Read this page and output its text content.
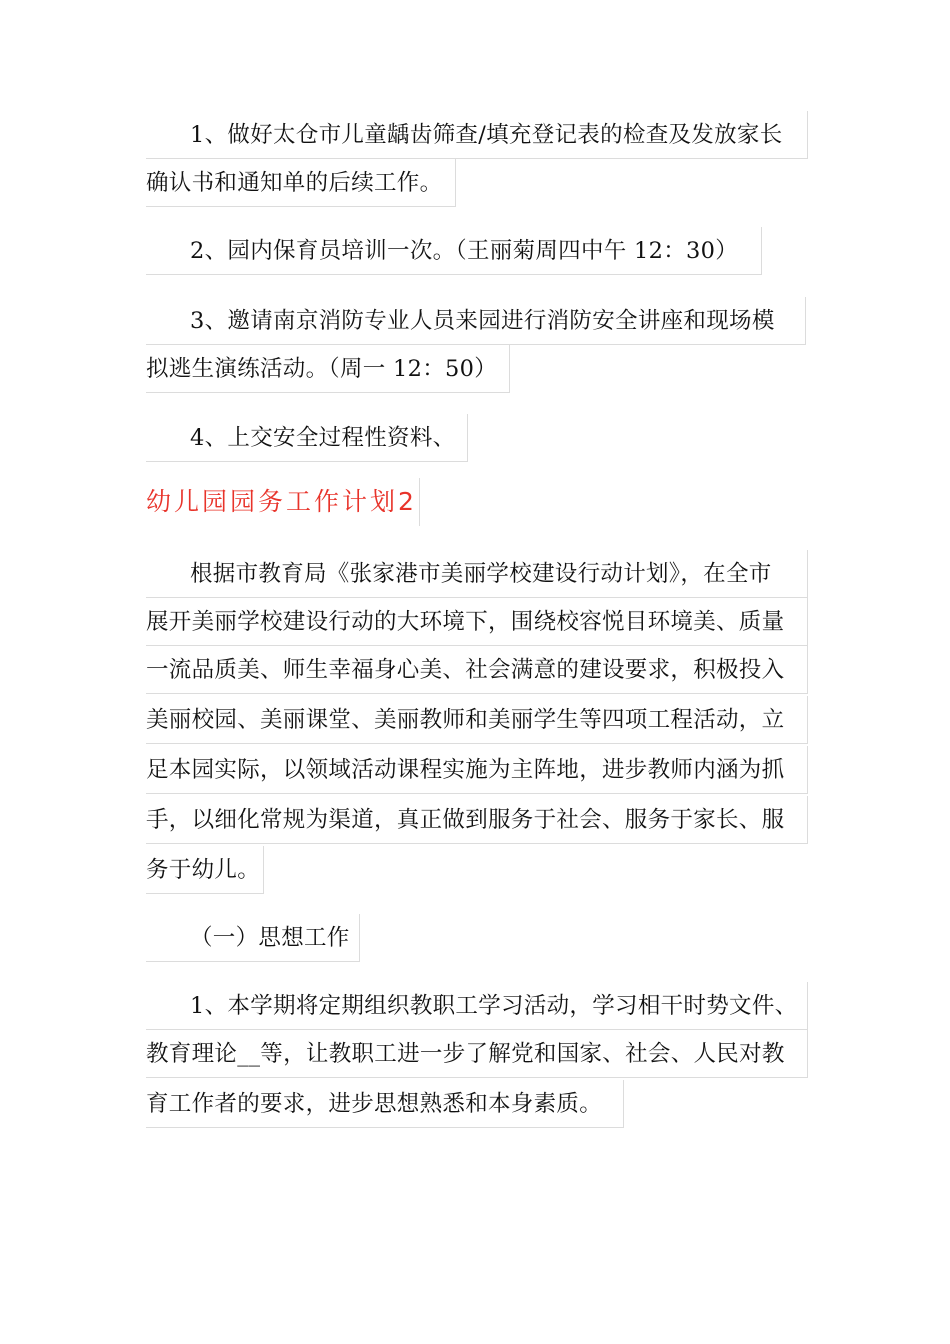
1、做好太仓市儿童龋齿筛查/填充登记表的检查及发放家长
确认书和通知单的后续工作。
2、园内保育员培训一次。（王丽菊周四中午 12：30）
3、邀请南京消防专业人员来园进行消防安全讲座和现场模
拟逃生演练活动。（周一 12：50）
4、上交安全过程性资料、
幼儿园园务工作计划2
根据市教育局《张家港市美丽学校建设行动计划》，在全市
展开美丽学校建设行动的大环境下，围绕校容悦目环境美、质量
一流品质美、师生幸福身心美、社会满意的建设要求，积极投入
美丽校园、美丽课堂、美丽教师和美丽学生等四项工程活动，立
足本园实际，以领域活动课程实施为主阵地，进步教师内涵为抓
手，以细化常规为渠道，真正做到服务于社会、服务于家长、服
务于幼儿。
（一）思想工作
1、本学期将定期组织教职工学习活动，学习相干时势文件、
教育理论__等，让教职工进一步了解党和国家、社会、人民对教
育工作者的要求，进步思想熟悉和本身素质。
